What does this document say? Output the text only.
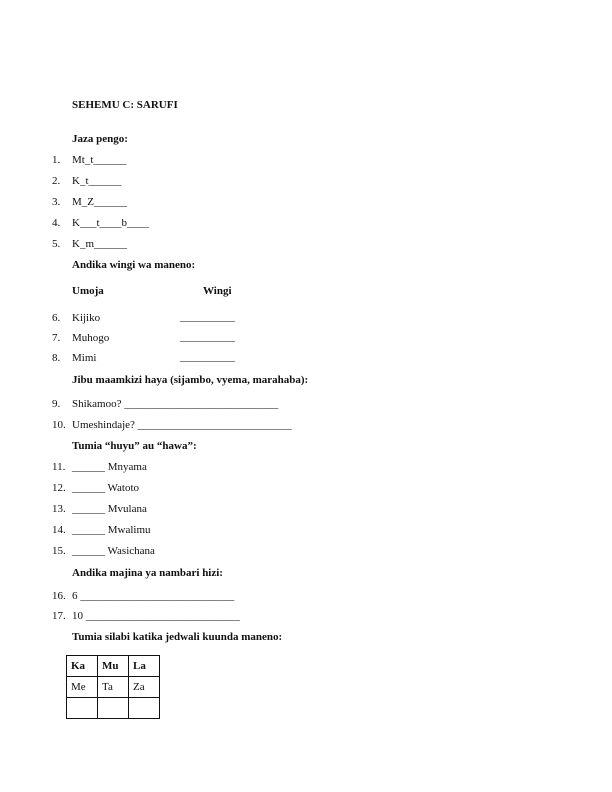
SEHEMU C: SARUFI
Jaza pengo:
1. Mt_t______
2. K_t______
3. M_Z______
4. K___t____b____
5. K_m______
Andika wingi wa maneno:
Umoja	Wingi
6. Kijiko	__________
7. Muhogo	__________
8. Mimi	__________
Jibu maamkizi haya (sijambo, vyema, marahaba):
9. Shikamoo? ____________________________
10. Umeshindaje? ____________________________
Tumia “huyu” au “hawa”:
11. ______ Mnyama
12. ______ Watoto
13. ______ Mvulana
14. ______ Mwalimu
15. ______ Wasichana
Andika majina ya nambari hizi:
16. 6 ____________________________
17. 10 ____________________________
Tumia silabi katika jedwali kuunda maneno:
Ka	Mu	La
Me	Ta	Za
